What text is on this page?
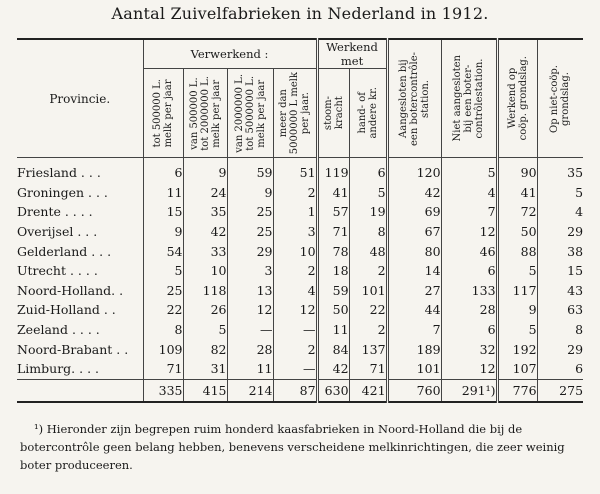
Aantal Zuivelfabrieken in Nederland in 1912.
Provincie.	Verwerkend :				Werkend met		Aangesloten bij
een botercontrôle-
station.	Niet aangesloten
bij een boter-
contrôlestation.	Werkend op
coöp. grondslag.	Op niet-coöp.
grondslag.

	tot 500000 L.
melk per jaar	van 500000 L.
tot 2000000 L.
melk per jaar	van 2000000 L.
tot 5000000 L.
melk per jaar	meer dan
5000000 L melk
per jaar.	stoom-
kracht	hand- of
andere kr.				

Friesland . . .	6	9	59	51	119	6	120	5	90	35
Groningen . . .	11	24	9	2	41	5	42	4	41	5
Drente . . . .	15	35	25	1	57	19	69	7	72	4
Overijsel . . .	9	42	25	3	71	8	67	12	50	29
Gelderland . . .	54	33	29	10	78	48	80	46	88	38
Utrecht . . . .	5	10	3	2	18	2	14	6	5	15
Noord-Holland. .	25	118	13	4	59	101	27	133	117	43
Zuid-Holland . .	22	26	12	12	50	22	44	28	9	63
Zeeland . . . .	8	5	—	—	11	2	7	6	5	8
Noord-Brabant . .	109	82	28	2	84	137	189	32	192	29
Limburg. . . .	71	31	11	—	42	71	101	12	107	6
	335	415	214	87	630	421	760	291¹)	776	275
¹) Hieronder zijn begrepen ruim honderd kaasfabrieken in Noord-Holland die bij de botercontrôle geen belang hebben, benevens verscheidene melkinrichtingen, die zeer weinig boter produceeren.
